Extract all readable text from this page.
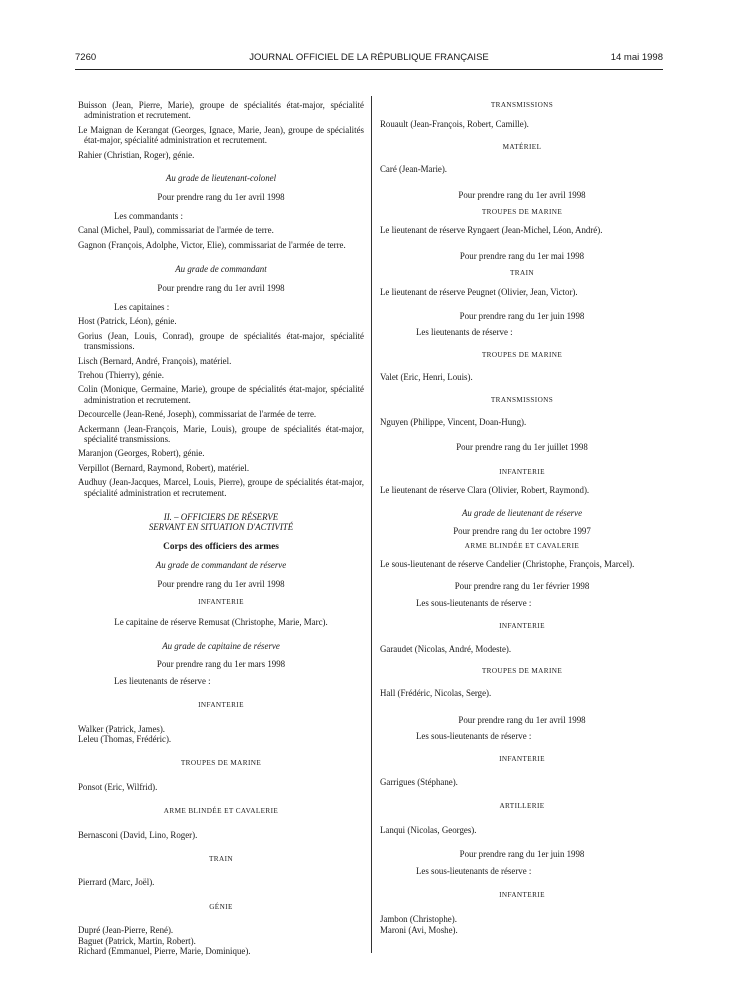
7260	JOURNAL OFFICIEL DE LA RÉPUBLIQUE FRANÇAISE	14 mai 1998
Buisson (Jean, Pierre, Marie), groupe de spécialités état-major, spécialité administration et recrutement.
Le Maignan de Kerangat (Georges, Ignace, Marie, Jean), groupe de spécialités état-major, spécialité administration et recrutement.
Rahier (Christian, Roger), génie.
Au grade de lieutenant-colonel
Pour prendre rang du 1er avril 1998
Les commandants :
Canal (Michel, Paul), commissariat de l'armée de terre.
Gagnon (François, Adolphe, Victor, Elie), commissariat de l'armée de terre.
Au grade de commandant
Pour prendre rang du 1er avril 1998
Les capitaines :
Host (Patrick, Léon), génie.
Gorius (Jean, Louis, Conrad), groupe de spécialités état-major, spécialité transmissions.
Lisch (Bernard, André, François), matériel.
Trehou (Thierry), génie.
Colin (Monique, Germaine, Marie), groupe de spécialités état-major, spécialité administration et recrutement.
Decourcelle (Jean-René, Joseph), commissariat de l'armée de terre.
Ackermann (Jean-François, Marie, Louis), groupe de spécialités état-major, spécialité transmissions.
Maranjon (Georges, Robert), génie.
Verpillot (Bernard, Raymond, Robert), matériel.
Audhuy (Jean-Jacques, Marcel, Louis, Pierre), groupe de spécialités état-major, spécialité administration et recrutement.
II. – OFFICIERS DE RÉSERVE
SERVANT EN SITUATION D'ACTIVITÉ
Corps des officiers des armes
Au grade de commandant de réserve
Pour prendre rang du 1er avril 1998
INFANTERIE
Le capitaine de réserve Remusat (Christophe, Marie, Marc).
Au grade de capitaine de réserve
Pour prendre rang du 1er mars 1998
Les lieutenants de réserve :
INFANTERIE
Walker (Patrick, James).
Leleu (Thomas, Frédéric).
TROUPES DE MARINE
Ponsot (Eric, Wilfrid).
ARME BLINDÉE ET CAVALERIE
Bernasconi (David, Lino, Roger).
TRAIN
Pierrard (Marc, Joël).
GÉNIE
Dupré (Jean-Pierre, René).
Baguet (Patrick, Martin, Robert).
Richard (Emmanuel, Pierre, Marie, Dominique).
TRANSMISSIONS
Rouault (Jean-François, Robert, Camille).
MATÉRIEL
Caré (Jean-Marie).
Pour prendre rang du 1er avril 1998
TROUPES DE MARINE
Le lieutenant de réserve Ryngaert (Jean-Michel, Léon, André).
Pour prendre rang du 1er mai 1998
TRAIN
Le lieutenant de réserve Peugnet (Olivier, Jean, Victor).
Pour prendre rang du 1er juin 1998
Les lieutenants de réserve :
TROUPES DE MARINE
Valet (Eric, Henri, Louis).
TRANSMISSIONS
Nguyen (Philippe, Vincent, Doan-Hung).
Pour prendre rang du 1er juillet 1998
INFANTERIE
Le lieutenant de réserve Clara (Olivier, Robert, Raymond).
Au grade de lieutenant de réserve
Pour prendre rang du 1er octobre 1997
ARME BLINDÉE ET CAVALERIE
Le sous-lieutenant de réserve Candelier (Christophe, François, Marcel).
Pour prendre rang du 1er février 1998
Les sous-lieutenants de réserve :
INFANTERIE
Garaudet (Nicolas, André, Modeste).
TROUPES DE MARINE
Hall (Frédéric, Nicolas, Serge).
Pour prendre rang du 1er avril 1998
Les sous-lieutenants de réserve :
INFANTERIE
Garrigues (Stéphane).
ARTILLERIE
Lanqui (Nicolas, Georges).
Pour prendre rang du 1er juin 1998
Les sous-lieutenants de réserve :
INFANTERIE
Jambon (Christophe).
Maroni (Avi, Moshe).
